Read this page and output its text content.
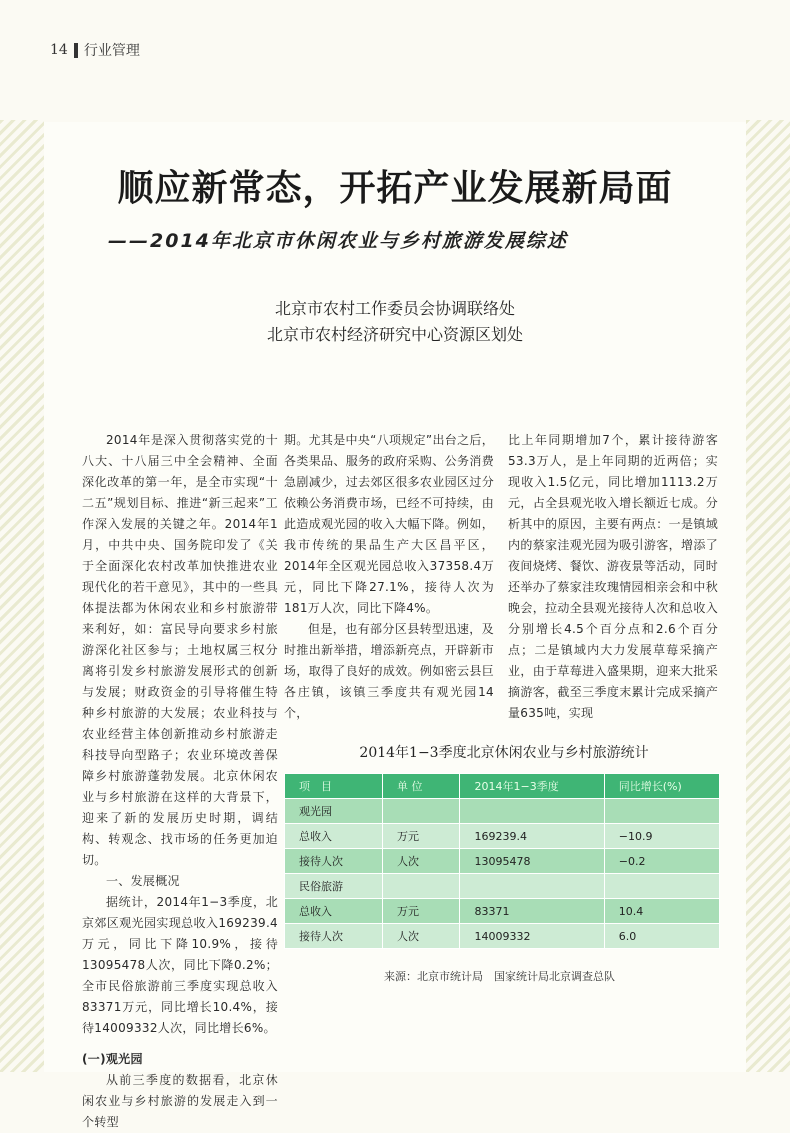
14 行业管理
顺应新常态，开拓产业发展新局面
——2014年北京市休闲农业与乡村旅游发展综述
北京市农村工作委员会协调联络处
北京市农村经济研究中心资源区划处

2014年是深入贯彻落实党的十八大、十八届三中全会精神、全面深化改革的第一年，是全市实现“十二五”规划目标、推进“新三起来”工作深入发展的关键之年。2014年1月，中共中央、国务院印发了《关于全面深化农村改革加快推进农业现代化的若干意见》，其中的一些具体提法都为休闲农业和乡村旅游带来利好，如：富民导向要求乡村旅游深化社区参与；土地权属三权分离将引发乡村旅游发展形式的创新与发展；财政资金的引导将催生特种乡村旅游的大发展；农业科技与农业经营主体创新推动乡村旅游走科技导向型路子；农业环境改善保障乡村旅游蓬勃发展。北京休闲农业与乡村旅游在这样的大背景下，迎来了新的发展历史时期，调结构、转观念、找市场的任务更加迫切。

一、发展概况

据统计，2014年1−3季度，北京郊区观光园实现总收入169239.4万元，同比下降10.9%，接待13095478人次，同比下降0.2%；全市民俗旅游前三季度实现总收入83371万元，同比增长10.4%，接待14009332人次，同比增长6%。

(一)观光园

从前三季度的数据看，北京休闲农业与乡村旅游的发展走入到一个转型

期。尤其是中央“八项规定”出台之后，各类果品、服务的政府采购、公务消费急剧减少，过去郊区很多农业园区过分依赖公务消费市场，已经不可持续，由此造成观光园的收入大幅下降。例如，我市传统的果品生产大区昌平区，2014年全区观光园总收入37358.4万元，同比下降27.1%，接待人次为181万人次，同比下降4%。

但是，也有部分区县转型迅速，及时推出新举措，增添新亮点，开辟新市场，取得了良好的成效。例如密云县巨各庄镇，该镇三季度共有观光园14个，

比上年同期增加7个，累计接待游客53.3万人，是上年同期的近两倍；实现收入1.5亿元，同比增加1113.2万元，占全县观光收入增长额近七成。分析其中的原因，主要有两点：一是镇域内的蔡家洼观光园为吸引游客，增添了夜间烧烤、餐饮、游夜景等活动，同时还举办了蔡家洼玫瑰情园相亲会和中秋晚会，拉动全县观光接待人次和总收入分别增长4.5个百分点和2.6个百分点；二是镇域内大力发展草莓采摘产业，由于草莓进入盛果期，迎来大批采摘游客，截至三季度末累计完成采摘产量635吨，实现

2014年1−3季度北京休闲农业与乡村旅游统计
项　目	单 位	2014年1−3季度	同比增长(%)
观光园			
总收入	万元	169239.4	−10.9
接待人次	人次	13095478	−0.2
民俗旅游			
总收入	万元	83371	10.4
接待人次	人次	14009332	6.0
来源：北京市统计局　国家统计局北京调查总队
